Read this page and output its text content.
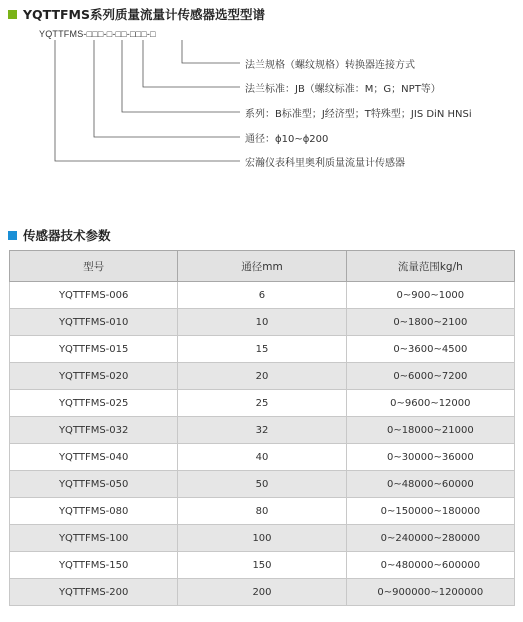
YQTTFMS系列质量流量计传感器选型型谱
YQTTFMS-□□□-□-□□-□□□-□
法兰规格（螺纹规格）转换器连接方式
法兰标准：JB（螺纹标准：M；G；NPT等）
系列：B标准型；J经济型；T特殊型；JIS DiN HNSi
通径：ϕ10~ϕ200
宏瀚仪表科里奥利质量流量计传感器
传感器技术参数
型号	通径mm	流量范围kg/h
YQTTFMS-006	6	0~900~1000
YQTTFMS-010	10	0~1800~2100
YQTTFMS-015	15	0~3600~4500
YQTTFMS-020	20	0~6000~7200
YQTTFMS-025	25	0~9600~12000
YQTTFMS-032	32	0~18000~21000
YQTTFMS-040	40	0~30000~36000
YQTTFMS-050	50	0~48000~60000
YQTTFMS-080	80	0~150000~180000
YQTTFMS-100	100	0~240000~280000
YQTTFMS-150	150	0~480000~600000
YQTTFMS-200	200	0~900000~1200000
